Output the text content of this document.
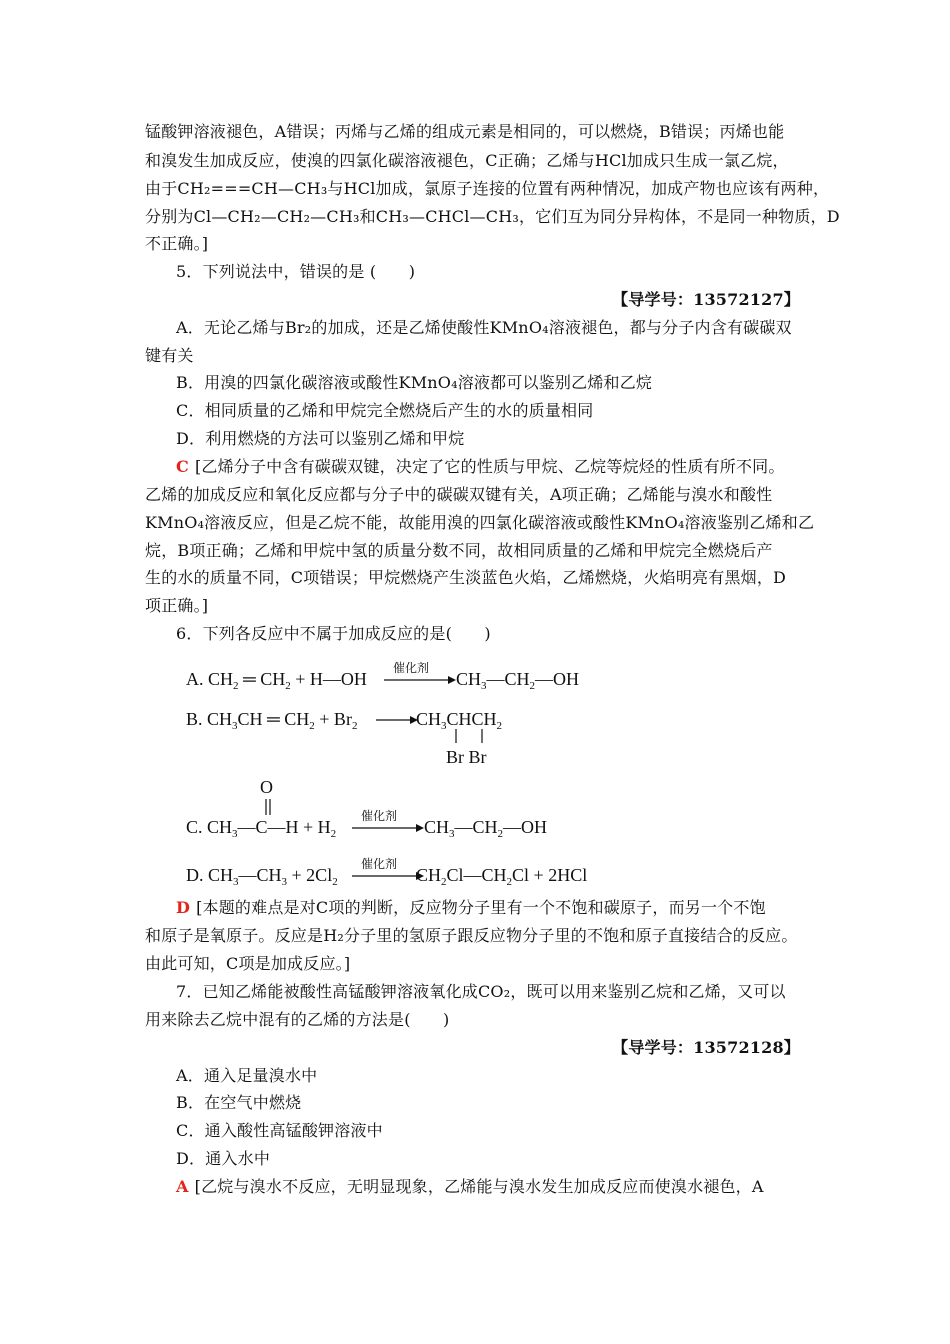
锰酸钾溶液褪色，A错误；丙烯与乙烯的组成元素是相同的，可以燃烧，B错误；丙烯也能
和溴发生加成反应，使溴的四氯化碳溶液褪色，C正确；乙烯与HCl加成只生成一氯乙烷，
由于CH₂===CH—CH₃与HCl加成，氯原子连接的位置有两种情况，加成产物也应该有两种，
分别为Cl—CH₂—CH₂—CH₃和CH₃—CHCl—CH₃，它们互为同分异构体，不是同一种物质，D
不正确。]
5．下列说法中，错误的是 (　　)
【导学号：13572127】
A．无论乙烯与Br₂的加成，还是乙烯使酸性KMnO₄溶液褪色，都与分子内含有碳碳双
键有关
B．用溴的四氯化碳溶液或酸性KMnO₄溶液都可以鉴别乙烯和乙烷
C．相同质量的乙烯和甲烷完全燃烧后产生的水的质量相同
D．利用燃烧的方法可以鉴别乙烯和甲烷
C [乙烯分子中含有碳碳双键，决定了它的性质与甲烷、乙烷等烷烃的性质有所不同。
乙烯的加成反应和氧化反应都与分子中的碳碳双键有关，A项正确；乙烯能与溴水和酸性
KMnO₄溶液反应，但是乙烷不能，故能用溴的四氯化碳溶液或酸性KMnO₄溶液鉴别乙烯和乙
烷，B项正确；乙烯和甲烷中氢的质量分数不同，故相同质量的乙烯和甲烷完全燃烧后产
生的水的质量不同，C项错误；甲烷燃烧产生淡蓝色火焰，乙烯燃烧，火焰明亮有黑烟，D
项正确。]
6．下列各反应中不属于加成反应的是(　　)
A. $CH_2$ ═ $CH_2$ + H—OH
催化剂
$CH_3—CH_2—OH$
B. $CH_3CH$ ═ $CH_2 + Br_2$	$CH_3CHCH_2$
Br Br
O
C. $CH_3—C—H + H_2$
催化剂
$CH_3—CH_2—OH$
D. $CH_3—CH_3 + 2Cl_2$
催化剂
$CH_2Cl—CH_2Cl + 2HCl$
D [本题的难点是对C项的判断，反应物分子里有一个不饱和碳原子，而另一个不饱
和原子是氧原子。反应是H₂分子里的氢原子跟反应物分子里的不饱和原子直接结合的反应。
由此可知，C项是加成反应。]
7．已知乙烯能被酸性高锰酸钾溶液氧化成CO₂，既可以用来鉴别乙烷和乙烯，又可以
用来除去乙烷中混有的乙烯的方法是(　　)
【导学号：13572128】
A．通入足量溴水中
B．在空气中燃烧
C．通入酸性高锰酸钾溶液中
D．通入水中
A [乙烷与溴水不反应，无明显现象，乙烯能与溴水发生加成反应而使溴水褪色，A
